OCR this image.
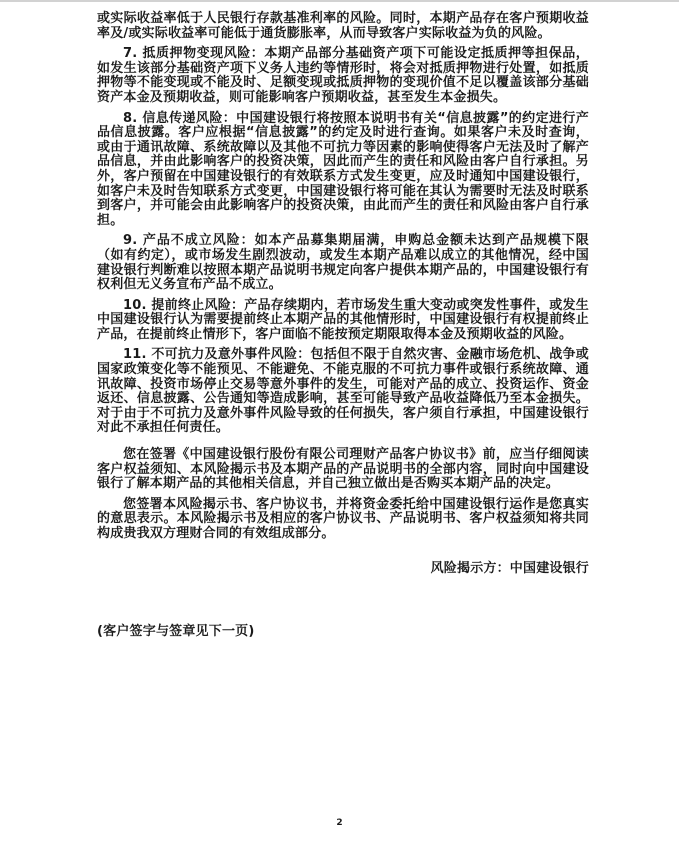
或实际收益率低于人民银行存款基准利率的风险。同时，本期产品存在客户预期收益率及/或实际收益率可能低于通货膨胀率，从而导致客户实际收益为负的风险。

7. 抵质押物变现风险：本期产品部分基础资产项下可能设定抵质押等担保品，如发生该部分基础资产项下义务人违约等情形时，将会对抵质押物进行处置，如抵质押物等不能变现或不能及时、足额变现或抵质押物的变现价值不足以覆盖该部分基础资产本金及预期收益，则可能影响客户预期收益，甚至发生本金损失。

8. 信息传递风险：中国建设银行将按照本说明书有关“信息披露”的约定进行产品信息披露。客户应根据“信息披露”的约定及时进行查询。如果客户未及时查询，或由于通讯故障、系统故障以及其他不可抗力等因素的影响使得客户无法及时了解产品信息，并由此影响客户的投资决策，因此而产生的责任和风险由客户自行承担。另外，客户预留在中国建设银行的有效联系方式发生变更，应及时通知中国建设银行，如客户未及时告知联系方式变更，中国建设银行将可能在其认为需要时无法及时联系到客户，并可能会由此影响客户的投资决策，由此而产生的责任和风险由客户自行承担。

9. 产品不成立风险：如本产品募集期届满，申购总金额未达到产品规模下限（如有约定），或市场发生剧烈波动，或发生本期产品难以成立的其他情况，经中国建设银行判断难以按照本期产品说明书规定向客户提供本期产品的，中国建设银行有权利但无义务宣布产品不成立。

10. 提前终止风险：产品存续期内，若市场发生重大变动或突发性事件，或发生中国建设银行认为需要提前终止本期产品的其他情形时，中国建设银行有权提前终止产品，在提前终止情形下，客户面临不能按预定期限取得本金及预期收益的风险。

11. 不可抗力及意外事件风险：包括但不限于自然灾害、金融市场危机、战争或国家政策变化等不能预见、不能避免、不能克服的不可抗力事件或银行系统故障、通讯故障、投资市场停止交易等意外事件的发生，可能对产品的成立、投资运作、资金返还、信息披露、公告通知等造成影响，甚至可能导致产品收益降低乃至本金损失。对于由于不可抗力及意外事件风险导致的任何损失，客户须自行承担，中国建设银行对此不承担任何责任。

您在签署《中国建设银行股份有限公司理财产品客户协议书》前，应当仔细阅读客户权益须知、本风险揭示书及本期产品的产品说明书的全部内容，同时向中国建设银行了解本期产品的其他相关信息，并自己独立做出是否购买本期产品的决定。

您签署本风险揭示书、客户协议书，并将资金委托给中国建设银行运作是您真实的意思表示。本风险揭示书及相应的客户协议书、产品说明书、客户权益须知将共同构成贵我双方理财合同的有效组成部分。

风险揭示方：中国建设银行

(客户签字与签章见下一页)
2
